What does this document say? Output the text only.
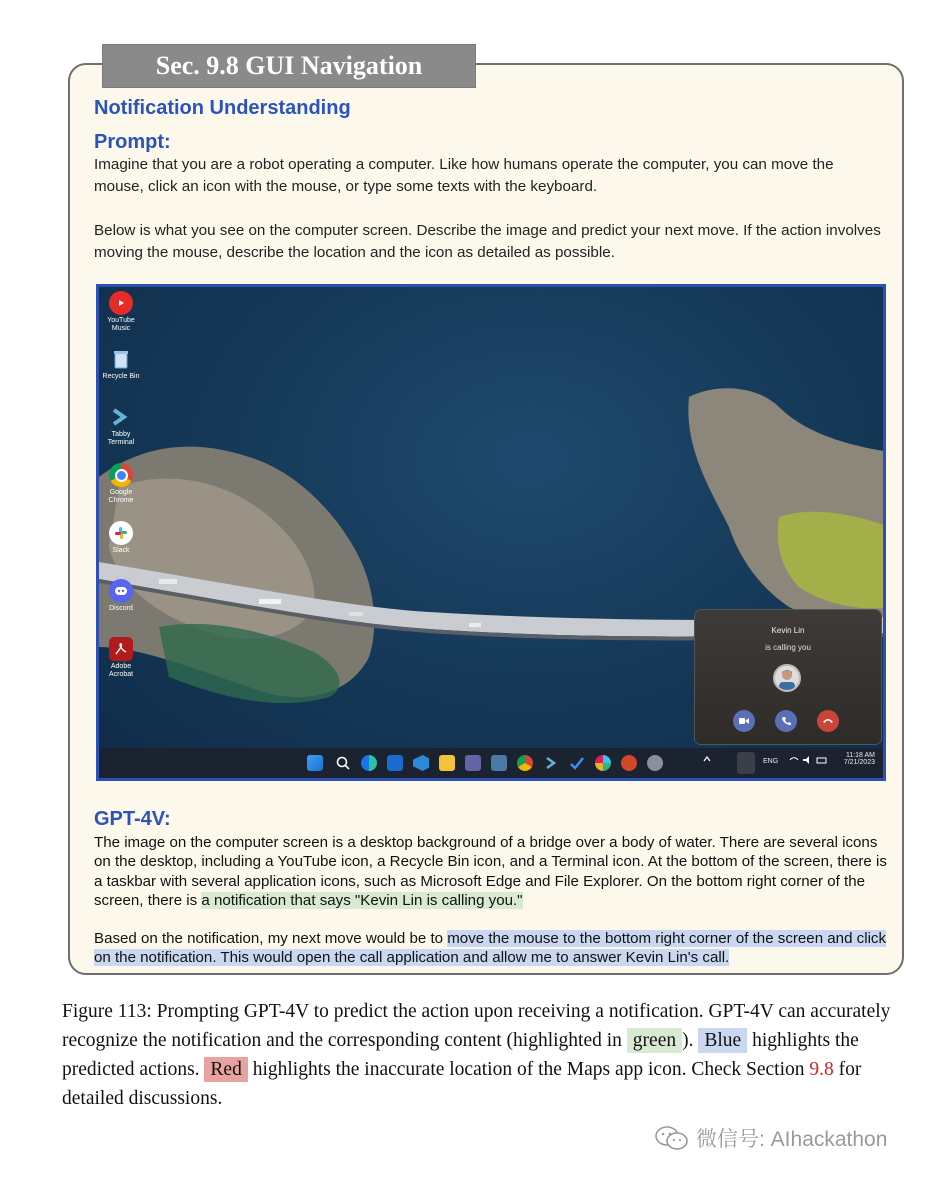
Sec. 9.8 GUI Navigation
Notification Understanding
Prompt:
Imagine that you are a robot operating a computer. Like how humans operate the computer, you can move the mouse, click an icon with the mouse, or type some texts with the keyboard.
Below is what you see on the computer screen. Describe the image and predict your next move. If the action involves moving the mouse, describe the location and the icon as detailed as possible.
YouTube Music
Recycle Bin
Tabby Terminal
Google Chrome
Slack
Discord
Adobe Acrobat
Kevin Lin
is calling you
ENG
11:18 AM
7/21/2023
GPT-4V:
The image on the computer screen is a desktop background of a bridge over a body of water. There are several icons on the desktop, including a YouTube icon, a Recycle Bin icon, and a Terminal icon. At the bottom of the screen, there is a taskbar with several application icons, such as Microsoft Edge and File Explorer. On the bottom right corner of the screen, there is a notification that says "Kevin Lin is calling you."
Based on the notification, my next move would be to move the mouse to the bottom right corner of the screen and click on the notification. This would open the call application and allow me to answer Kevin Lin's call.
Figure 113: Prompting GPT-4V to predict the action upon receiving a notification. GPT-4V can accurately recognize the notification and the corresponding content (highlighted in green ). Blue highlights the predicted actions. Red highlights the inaccurate location of the Maps app icon. Check Section 9.8 for detailed discussions.
微信号: AIhackathon
